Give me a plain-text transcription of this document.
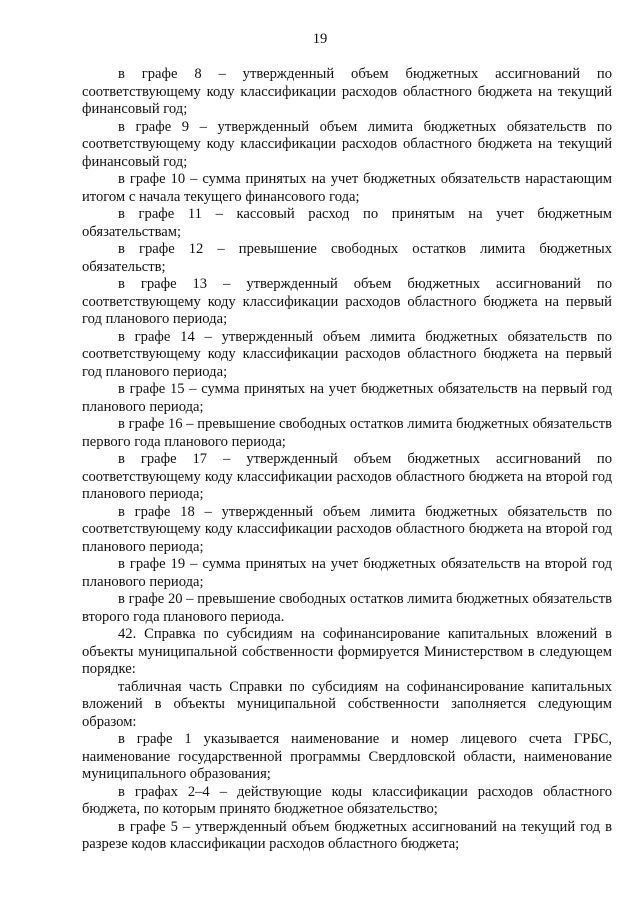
19

в графе 8 – утвержденный объем бюджетных ассигнований по соответствующему коду классификации расходов областного бюджета на текущий финансовый год;

в графе 9 – утвержденный объем лимита бюджетных обязательств по соответствующему коду классификации расходов областного бюджета на текущий финансовый год;

в графе 10 – сумма принятых на учет бюджетных обязательств нарастающим итогом с начала текущего финансового года;

в графе 11 – кассовый расход по принятым на учет бюджетным обязательствам;

в графе 12 – превышение свободных остатков лимита бюджетных обязательств;

в графе 13 – утвержденный объем бюджетных ассигнований по соответствующему коду классификации расходов областного бюджета на первый год планового периода;

в графе 14 – утвержденный объем лимита бюджетных обязательств по соответствующему коду классификации расходов областного бюджета на первый год планового периода;

в графе 15 – сумма принятых на учет бюджетных обязательств на первый год планового периода;

в графе 16 – превышение свободных остатков лимита бюджетных обязательств первого года планового периода;

в графе 17 – утвержденный объем бюджетных ассигнований по соответствующему коду классификации расходов областного бюджета на второй год планового периода;

в графе 18 – утвержденный объем лимита бюджетных обязательств по соответствующему коду классификации расходов областного бюджета на второй год планового периода;

в графе 19 – сумма принятых на учет бюджетных обязательств на второй год планового периода;

в графе 20 – превышение свободных остатков лимита бюджетных обязательств второго года планового периода.

42. Справка по субсидиям на софинансирование капитальных вложений в объекты муниципальной собственности формируется Министерством в следующем порядке:

табличная часть Справки по субсидиям на софинансирование капитальных вложений в объекты муниципальной собственности заполняется следующим образом:

в графе 1 указывается наименование и номер лицевого счета ГРБС, наименование государственной программы Свердловской области, наименование муниципального образования;

в графах 2–4 – действующие коды классификации расходов областного бюджета, по которым принято бюджетное обязательство;

в графе 5 – утвержденный объем бюджетных ассигнований на текущий год в разрезе кодов классификации расходов областного бюджета;
